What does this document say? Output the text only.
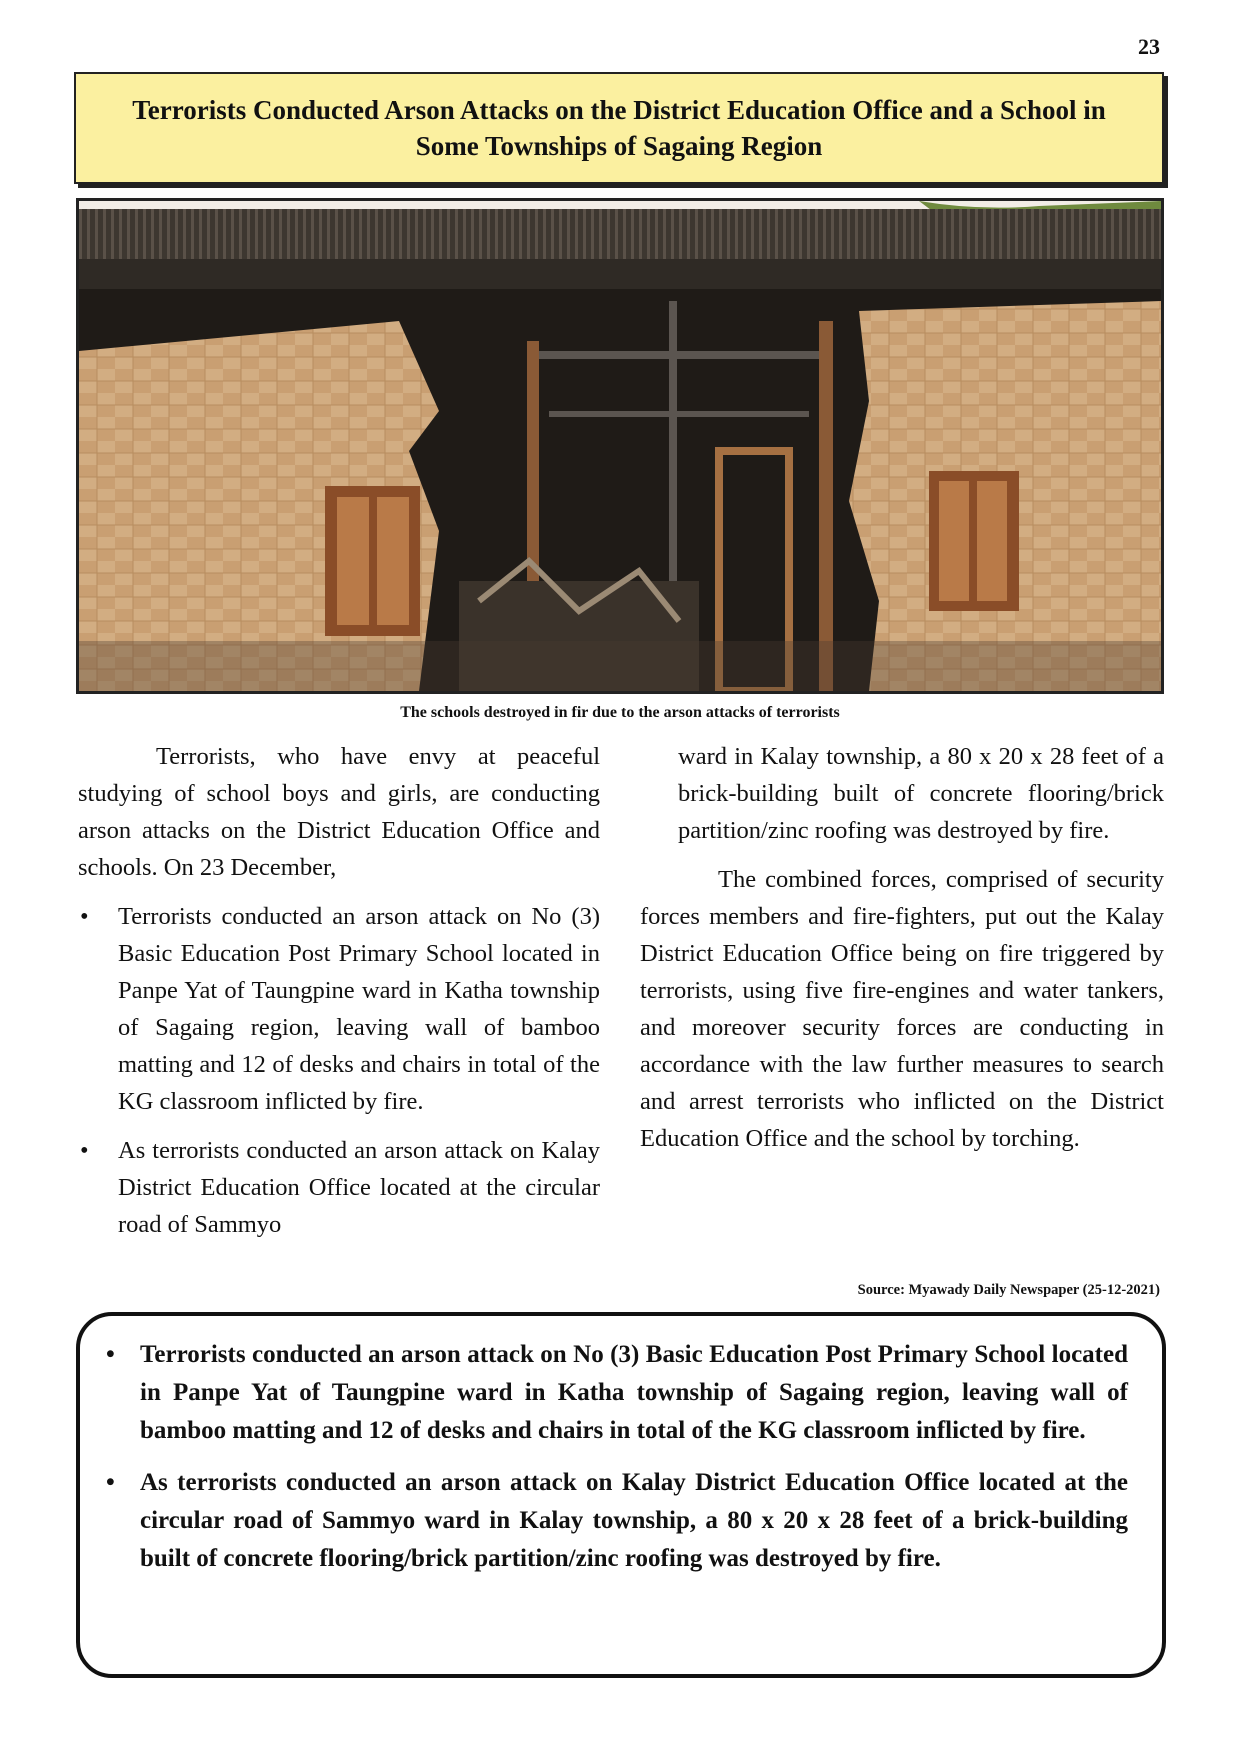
23
Terrorists Conducted Arson Attacks on the District Education Office and a School in Some Townships of Sagaing Region
The schools destroyed in fir due to the arson attacks of terrorists

Terrorists, who have envy at peaceful studying of school boys and girls, are conducting arson attacks on the District Education Office and schools. On 23 December,

• Terrorists conducted an arson attack on No (3) Basic Education Post Primary School located in Panpe Yat of Taungpine ward in Katha township of Sagaing region, leaving wall of bamboo matting and 12 of desks and chairs in total of the KG classroom inflicted by fire.
• As terrorists conducted an arson attack on Kalay District Education Office located at the circular road of Sammyo

ward in Kalay township, a 80 x 20 x 28 feet of a brick-building built of concrete flooring/brick partition/zinc roofing was destroyed by fire.

The combined forces, comprised of security forces members and fire-fighters, put out the Kalay District Education Office being on fire triggered by terrorists, using five fire-engines and water tankers, and moreover security forces are conducting in accordance with the law further measures to search and arrest terrorists who inflicted on the District Education Office and the school by torching.

Source: Myawady Daily Newspaper (25-12-2021)
• Terrorists conducted an arson attack on No (3) Basic Education Post Primary School located in Panpe Yat of Taungpine ward in Katha township of Sagaing region, leaving wall of bamboo matting and 12 of desks and chairs in total of the KG classroom inflicted by fire.
• As terrorists conducted an arson attack on Kalay District Education Office located at the circular road of Sammyo ward in Kalay township, a 80 x 20 x 28 feet of a brick-building built of concrete flooring/brick partition/zinc roofing was destroyed by fire.
